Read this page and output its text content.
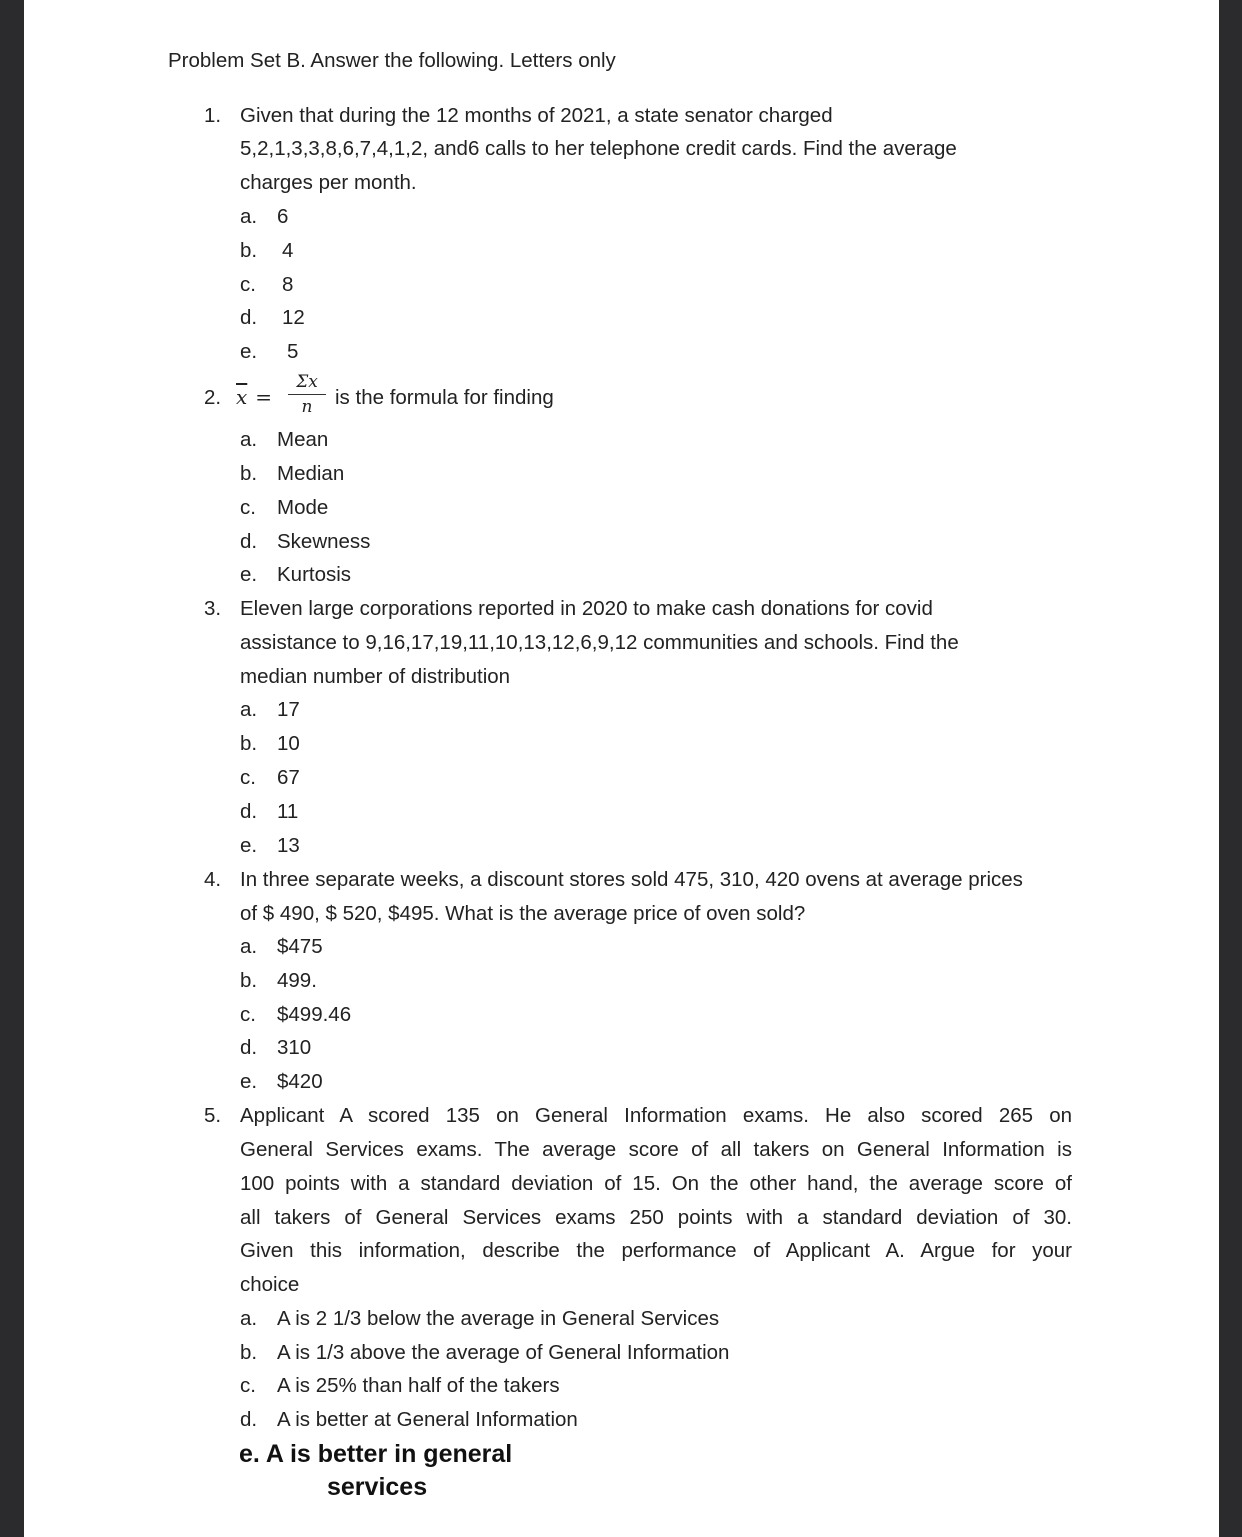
Problem Set B. Answer the following. Letters only
1. Given that during the 12 months of 2021, a state senator charged
5,2,1,3,3,8,6,7,4,1,2, and6 calls to her telephone credit cards. Find the average
charges per month.
a. 6
b. 4
c. 8
d. 12
e. 5
2.	is the formula for finding
a. Mean
b. Median
c. Mode
d. Skewness
e. Kurtosis
3. Eleven large corporations reported in 2020 to make cash donations for covid
assistance to 9,16,17,19,11,10,13,12,6,9,12 communities and schools. Find the
median number of distribution
a. 17
b. 10
c. 67
d. 11
e. 13
4. In three separate weeks, a discount stores sold 475, 310, 420 ovens at average prices
of $ 490, $ 520, $495. What is the average price of oven sold?
a. $475
b. 499.
c. $499.46
d. 310
e. $420
5. Applicant A scored 135 on General Information exams. He also scored 265 on
General Services exams. The average score of all takers on General Information is
100 points with a standard deviation of 15. On the other hand, the average score of
all takers of General Services exams 250 points with a standard deviation of 30.
Given this information, describe the performance of Applicant A. Argue for your
choice
a. A is 2 1/3 below the average in General Services
b. A is 1/3 above the average of General Information
c. A is 25% than half of the takers
d. A is better at General Information
$\overline{x}$ =
Σx
n
e. A is better in general
services
